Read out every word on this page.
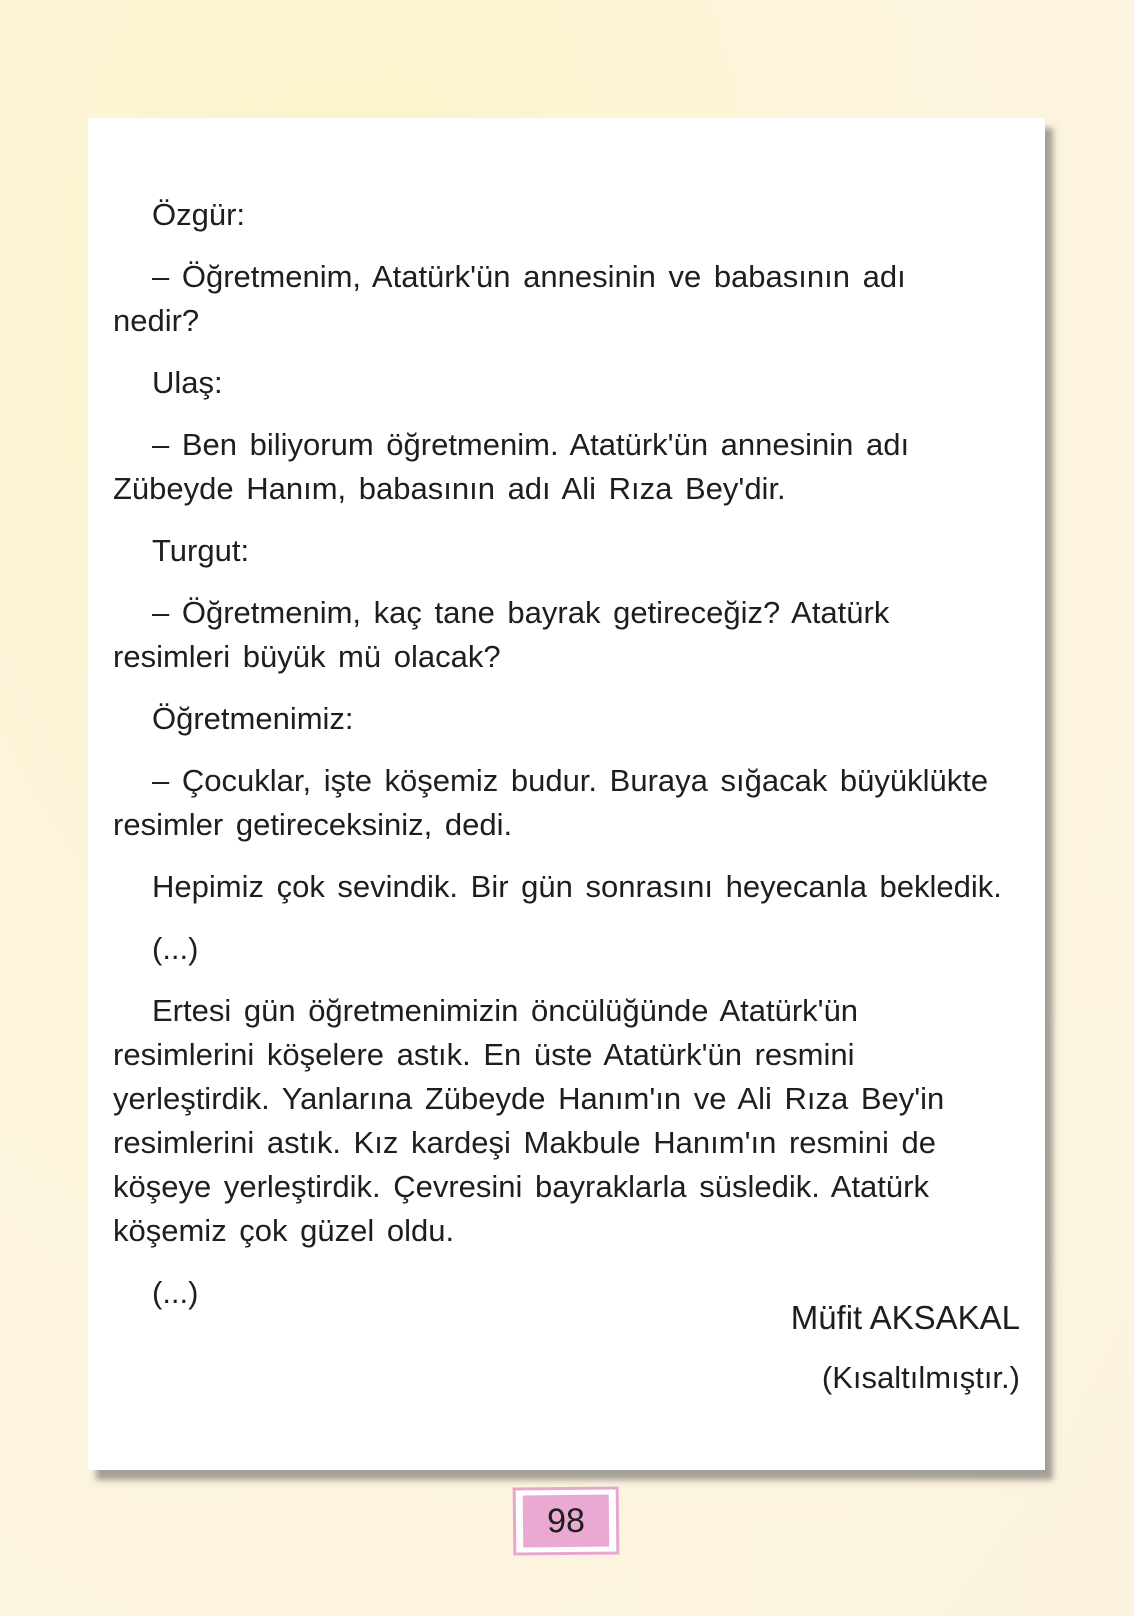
Özgür:

– Öğretmenim, Atatürk'ün annesinin ve babasının adı
nedir?

Ulaş:

– Ben biliyorum öğretmenim. Atatürk'ün annesinin adı
Zübeyde Hanım, babasının adı Ali Rıza Bey'dir.

Turgut:

– Öğretmenim, kaç tane bayrak getireceğiz? Atatürk
resimleri büyük mü olacak?

Öğretmenimiz:

– Çocuklar, işte köşemiz budur. Buraya sığacak büyüklükte
resimler getireceksiniz, dedi.

Hepimiz çok sevindik. Bir gün sonrasını heyecanla bekledik.

(...)

Ertesi gün öğretmenimizin öncülüğünde Atatürk'ün
resimlerini köşelere astık. En üste Atatürk'ün resmini
yerleştirdik. Yanlarına Zübeyde Hanım'ın ve Ali Rıza Bey'in
resimlerini astık. Kız kardeşi Makbule Hanım'ın resmini de
köşeye yerleştirdik. Çevresini bayraklarla süsledik. Atatürk
köşemiz çok güzel oldu.

(...)

Müfit AKSAKAL
(Kısaltılmıştır.)
98
